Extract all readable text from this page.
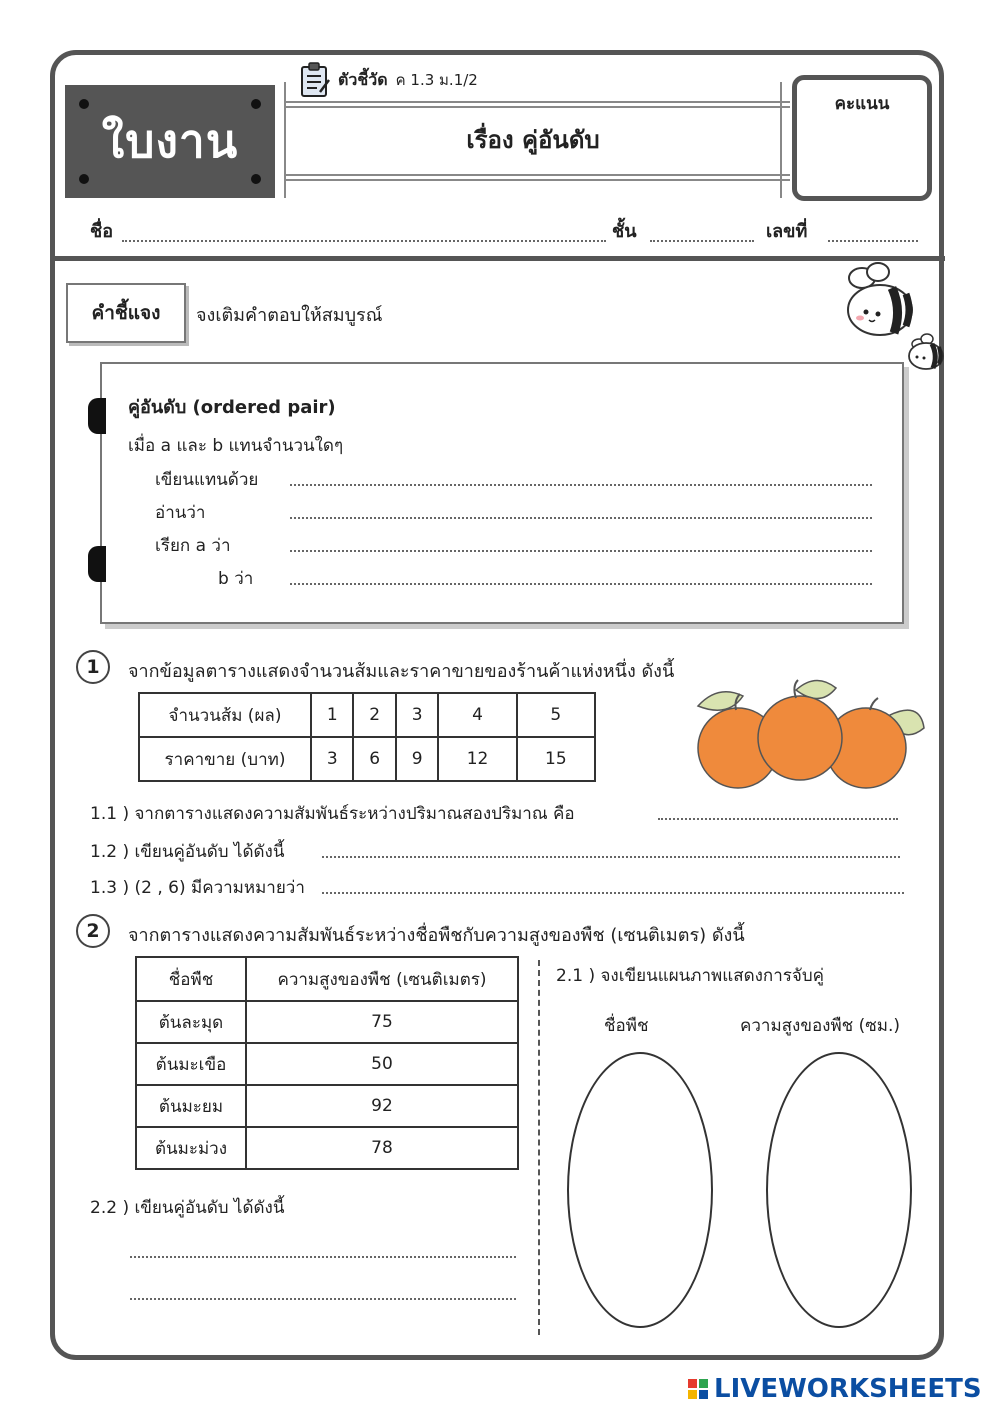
ใบงาน
ตัวชี้วัด ค 1.3 ม.1/2
เรื่อง คู่อันดับ
คะแนน
ชื่อ	ชั้น	เลขที่
คำชี้แจง	จงเติมคำตอบให้สมบูรณ์
คู่อันดับ (ordered pair)
เมื่อ a และ b แทนจำนวนใดๆ
เขียนแทนด้วย
อ่านว่า
เรียก a ว่า
b ว่า
1	จากข้อมูลตารางแสดงจำนวนส้มและราคาขายของร้านค้าแห่งหนึ่ง ดังนี้
จำนวนส้ม (ผล)	1	2	3	4	5
ราคาขาย (บาท)	3	6	9	12	15
1.1 ) จากตารางแสดงความสัมพันธ์ระหว่างปริมาณสองปริมาณ คือ
1.2 ) เขียนคู่อันดับ ได้ดังนี้
1.3 ) (2 , 6) มีความหมายว่า
2	จากตารางแสดงความสัมพันธ์ระหว่างชื่อพืชกับความสูงของพืช (เซนติเมตร) ดังนี้
ชื่อพืช	ความสูงของพืช (เซนติเมตร)
ต้นละมุด	75
ต้นมะเขือ	50
ต้นมะยม	92
ต้นมะม่วง	78
2.1 ) จงเขียนแผนภาพแสดงการจับคู่
ชื่อพืช	ความสูงของพืช (ซม.)
2.2 ) เขียนคู่อันดับ ได้ดังนี้
LIVEWORKSHEETS
